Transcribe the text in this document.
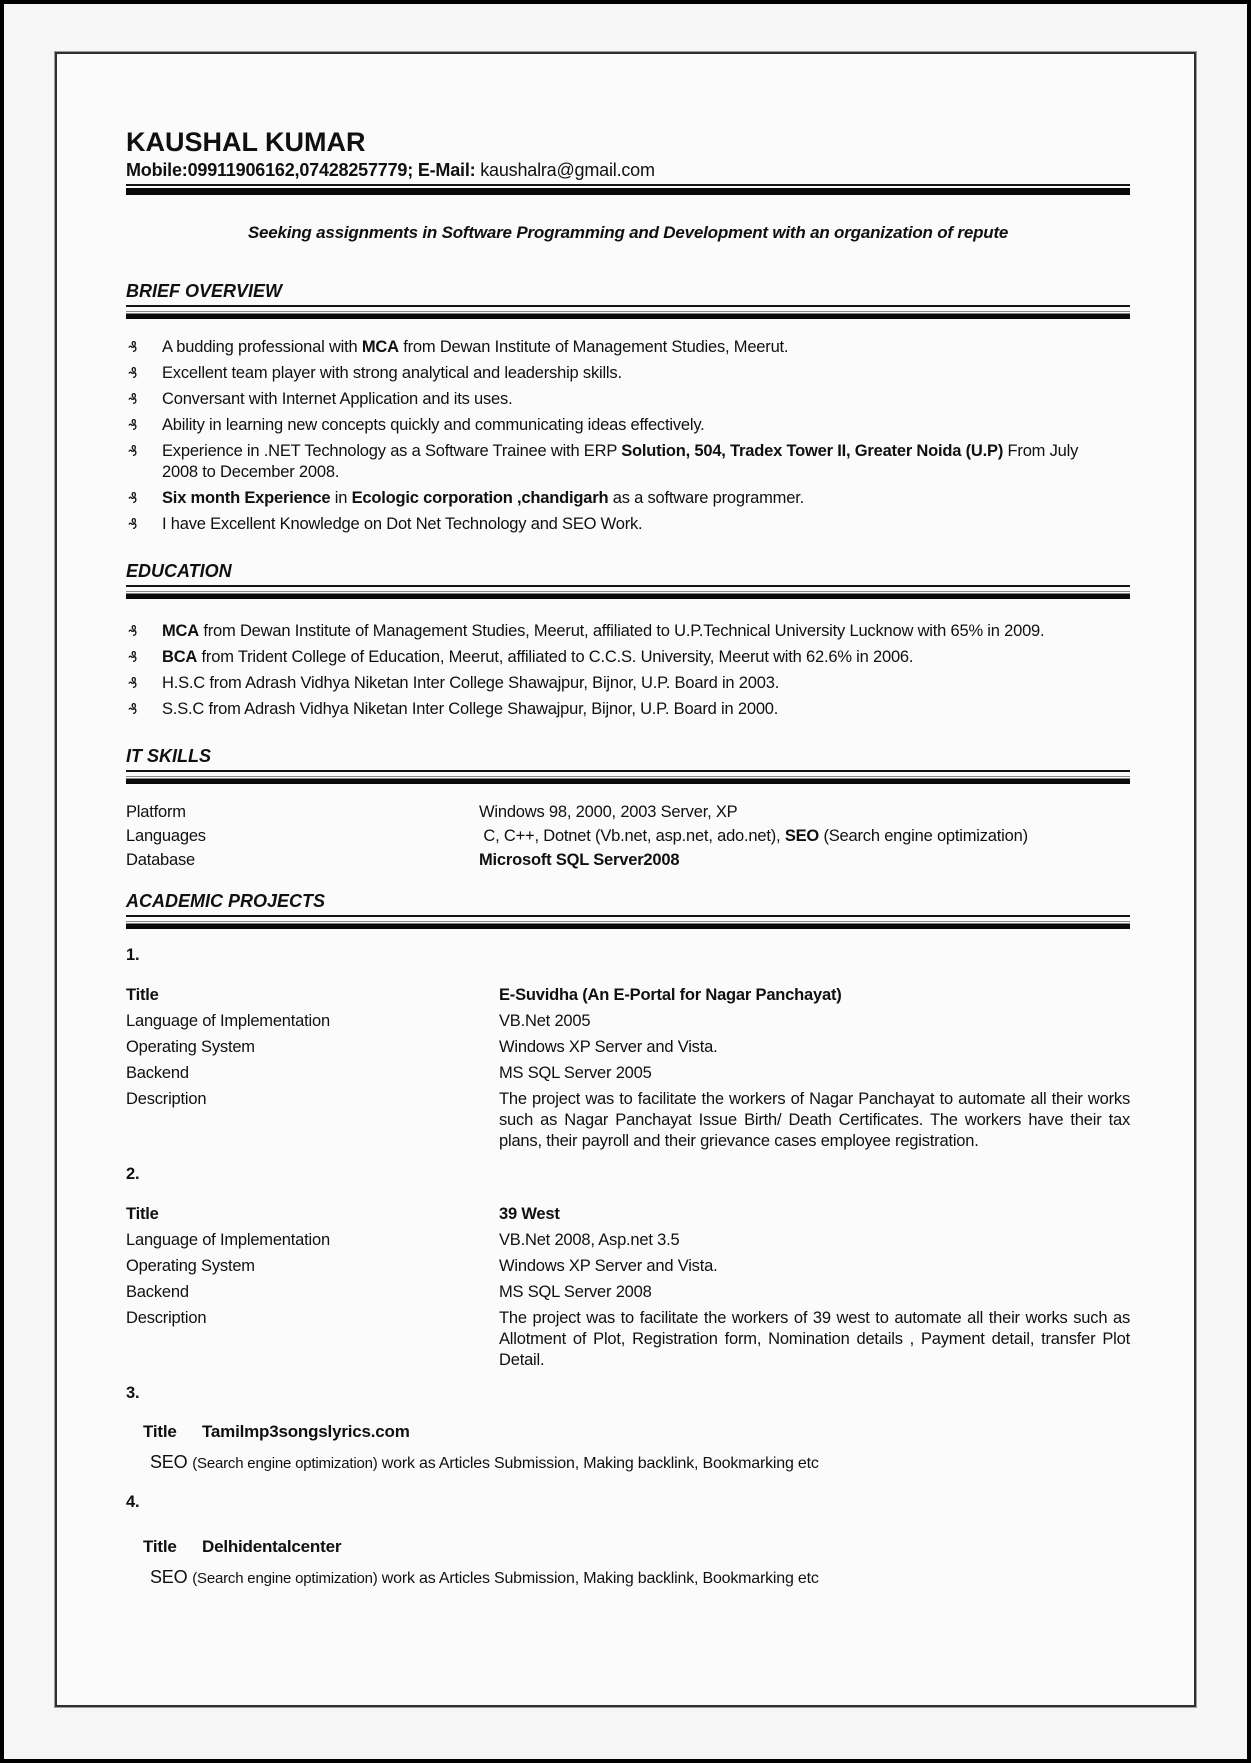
KAUSHAL KUMAR
Mobile:09911906162,07428257779; E-Mail: kaushalra@gmail.com
Seeking assignments in Software Programming and Development with an organization of repute
BRIEF OVERVIEW
₰ A budding professional with MCA from Dewan Institute of Management Studies, Meerut.
₰ Excellent team player with strong analytical and leadership skills.
₰ Conversant with Internet Application and its uses.
₰ Ability in learning new concepts quickly and communicating ideas effectively.
₰ Experience in .NET Technology as a Software Trainee with ERP Solution, 504, Tradex Tower II, Greater Noida (U.P) From July 2008 to December 2008.
₰ Six month Experience in Ecologic corporation ,chandigarh as a software programmer.
₰ I have Excellent Knowledge on Dot Net Technology and SEO Work.
EDUCATION
₰ MCA from Dewan Institute of Management Studies, Meerut, affiliated to U.P.Technical University Lucknow with 65% in 2009.
₰ BCA from Trident College of Education, Meerut, affiliated to C.C.S. University, Meerut with 62.6% in 2006.
₰ H.S.C from Adrash Vidhya Niketan Inter College Shawajpur, Bijnor, U.P. Board in 2003.
₰ S.S.C from Adrash Vidhya Niketan Inter College Shawajpur, Bijnor, U.P. Board in 2000.
IT SKILLS
Platform	Windows 98, 2000, 2003 Server, XP
Languages	C, C++, Dotnet (Vb.net, asp.net, ado.net), SEO (Search engine optimization)
Database	Microsoft SQL Server2008
ACADEMIC PROJECTS
1.
Title	E-Suvidha (An E-Portal for Nagar Panchayat)
Language of Implementation	VB.Net 2005
Operating System	Windows XP Server and Vista.
Backend	MS SQL Server 2005
Description	The project was to facilitate the workers of Nagar Panchayat to automate all their works such as Nagar Panchayat Issue Birth/ Death Certificates. The workers have their tax plans, their payroll and their grievance cases employee registration.
2.
Title	39 West
Language of Implementation	VB.Net 2008, Asp.net 3.5
Operating System	Windows XP Server and Vista.
Backend	MS SQL Server 2008
Description	The project was to facilitate the workers of 39 west to automate all their works such as Allotment of Plot, Registration form, Nomination details , Payment detail, transfer Plot Detail.
3.
Title	Tamilmp3songslyrics.com
SEO (Search engine optimization) work as Articles Submission, Making backlink, Bookmarking etc
4.
Title	Delhidentalcenter
SEO (Search engine optimization) work as Articles Submission, Making backlink, Bookmarking etc
